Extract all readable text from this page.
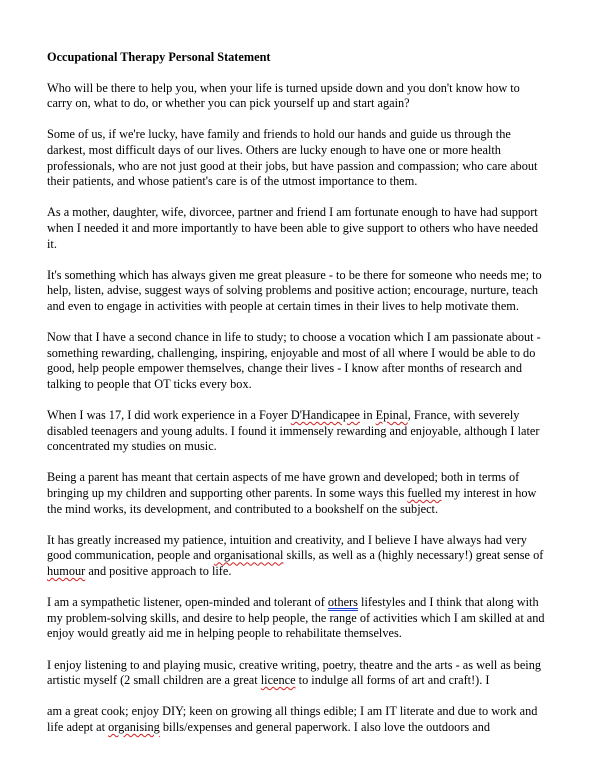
Occupational Therapy Personal Statement

Who will be there to help you, when your life is turned upside down and you don't know how to carry on, what to do, or whether you can pick yourself up and start again?

Some of us, if we're lucky, have family and friends to hold our hands and guide us through the darkest, most difficult days of our lives. Others are lucky enough to have one or more health professionals, who are not just good at their jobs, but have passion and compassion; who care about their patients, and whose patient's care is of the utmost importance to them.

As a mother, daughter, wife, divorcee, partner and friend I am fortunate enough to have had support when I needed it and more importantly to have been able to give support to others who have needed it.

It's something which has always given me great pleasure - to be there for someone who needs me; to help, listen, advise, suggest ways of solving problems and positive action; encourage, nurture, teach and even to engage in activities with people at certain times in their lives to help motivate them.

Now that I have a second chance in life to study; to choose a vocation which I am passionate about - something rewarding, challenging, inspiring, enjoyable and most of all where I would be able to do good, help people empower themselves, change their lives - I know after months of research and talking to people that OT ticks every box.

When I was 17, I did work experience in a Foyer D'Handicapee in Epinal, France, with severely disabled teenagers and young adults. I found it immensely rewarding and enjoyable, although I later concentrated my studies on music.

Being a parent has meant that certain aspects of me have grown and developed; both in terms of bringing up my children and supporting other parents. In some ways this fuelled my interest in how the mind works, its development, and contributed to a bookshelf on the subject.

It has greatly increased my patience, intuition and creativity, and I believe I have always had very good communication, people and organisational skills, as well as a (highly necessary!) great sense of humour and positive approach to life.

I am a sympathetic listener, open-minded and tolerant of others lifestyles and I think that along with my problem-solving skills, and desire to help people, the range of activities which I am skilled at and enjoy would greatly aid me in helping people to rehabilitate themselves.

I enjoy listening to and playing music, creative writing, poetry, theatre and the arts - as well as being artistic myself (2 small children are a great licence to indulge all forms of art and craft!). I

am a great cook; enjoy DIY; keen on growing all things edible; I am IT literate and due to work and life adept at organising bills/expenses and general paperwork. I also love the outdoors and
